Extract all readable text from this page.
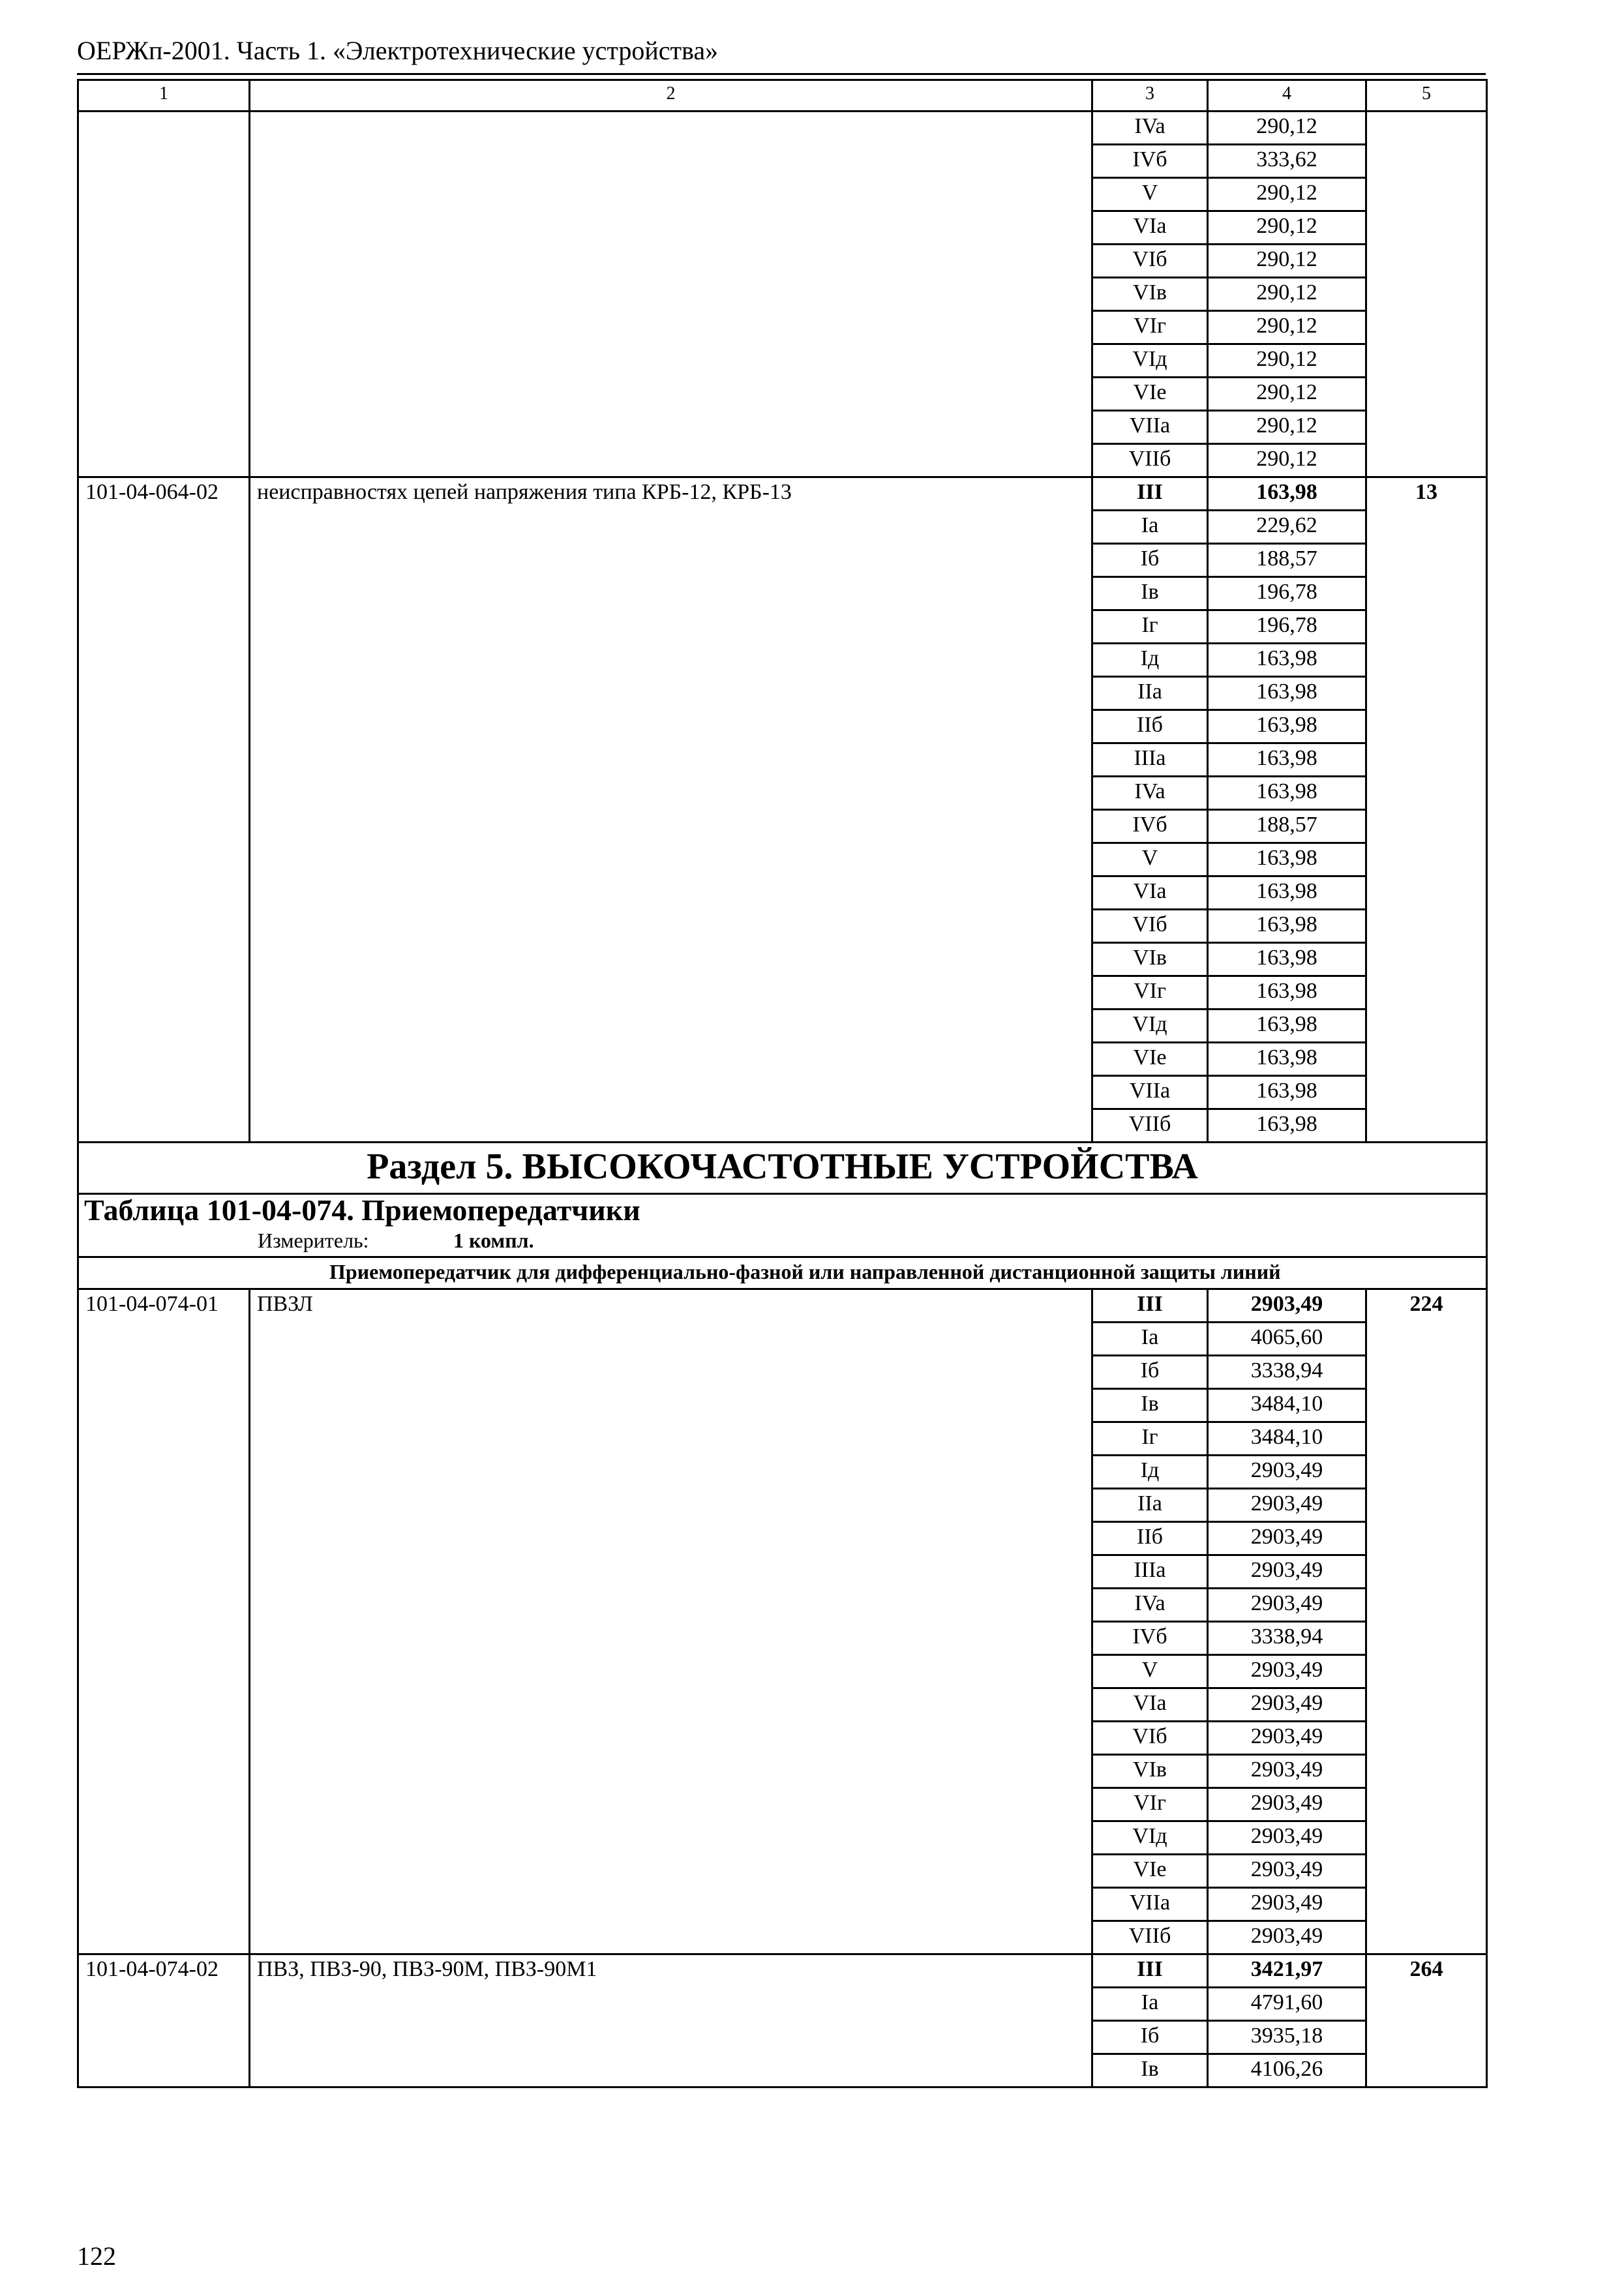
ОЕРЖп-2001. Часть 1. «Электротехнические устройства»
1	2	3	4	5
		IVa	290,12	
		IVб	333,62	
		V	290,12	
		VIa	290,12	
		VIб	290,12	
		VIв	290,12	
		VIг	290,12	
		VIд	290,12	
		VIe	290,12	
		VIIa	290,12	
		VIIб	290,12	
101-04-064-02	неисправностях цепей напряжения типа КРБ-12, КРБ-13	III	163,98	13
		Ia	229,62	
		Iб	188,57	
		Iв	196,78	
		Iг	196,78	
		Iд	163,98	
		IIa	163,98	
		IIб	163,98	
		IIIa	163,98	
		IVa	163,98	
		IVб	188,57	
		V	163,98	
		VIa	163,98	
		VIб	163,98	
		VIв	163,98	
		VIг	163,98	
		VIд	163,98	
		VIe	163,98	
		VIIa	163,98	
		VIIб	163,98	
Раздел 5. ВЫСОКОЧАСТОТНЫЕ УСТРОЙСТВА				
Таблица 101-04-074. Приемопередатчики				
Измеритель: 1 компл.				
Приемопередатчик для дифференциально-фазной или направленной дистанционной защиты линий				
101-04-074-01	ПВЗЛ	III	2903,49	224
		Ia	4065,60	
		Iб	3338,94	
		Iв	3484,10	
		Iг	3484,10	
		Iд	2903,49	
		IIa	2903,49	
		IIб	2903,49	
		IIIa	2903,49	
		IVa	2903,49	
		IVб	3338,94	
		V	2903,49	
		VIa	2903,49	
		VIб	2903,49	
		VIв	2903,49	
		VIг	2903,49	
		VIд	2903,49	
		VIe	2903,49	
		VIIa	2903,49	
		VIIб	2903,49	
101-04-074-02	ПВЗ, ПВЗ-90, ПВЗ-90М, ПВЗ-90М1	III	3421,97	264
		Ia	4791,60	
		Iб	3935,18	
		Iв	4106,26	
122
